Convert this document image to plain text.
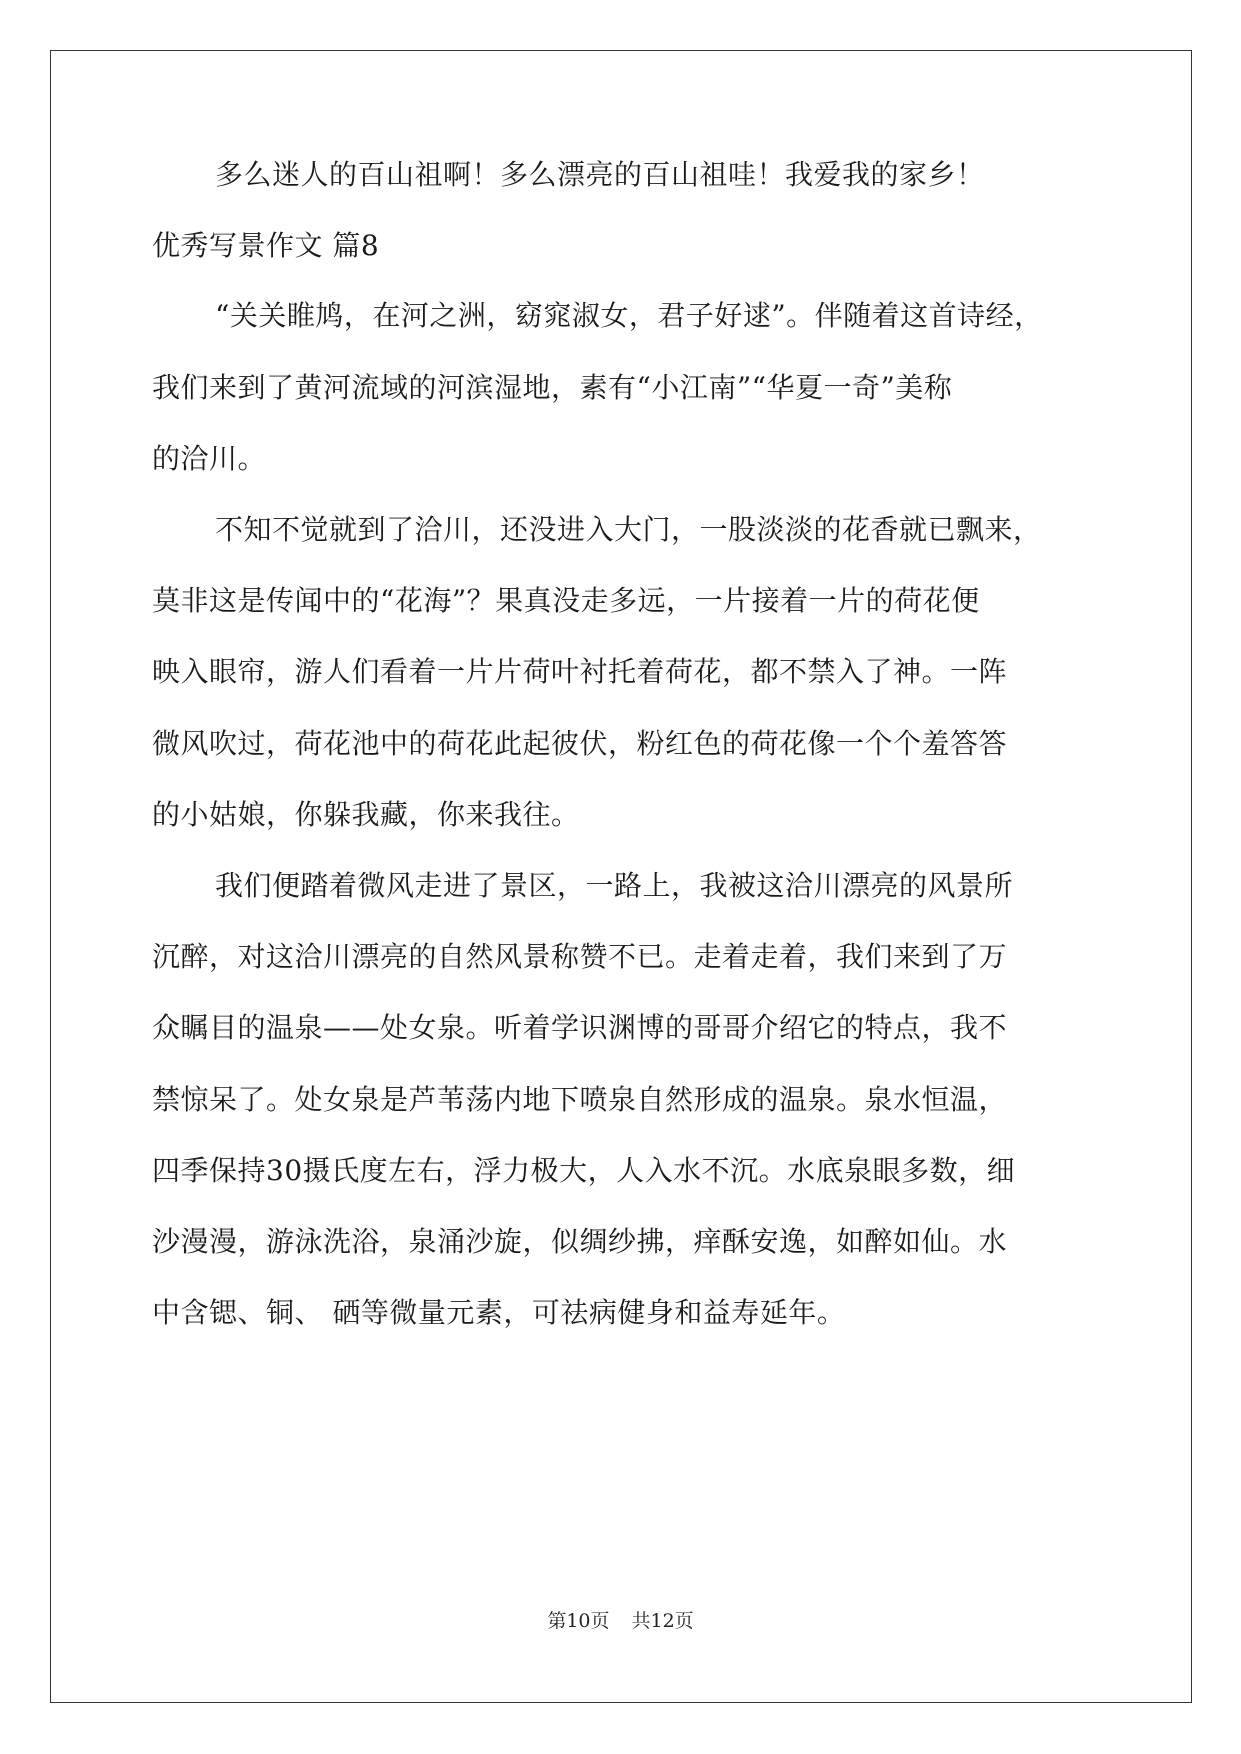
多么迷人的百山祖啊！多么漂亮的百山祖哇！我爱我的家乡！
优秀写景作文 篇8
“关关睢鸠，在河之洲，窈窕淑女，君子好逑”。伴随着这首诗经，
我们来到了黄河流域的河滨湿地，素有“小江南”“华夏一奇”美称
的洽川。
不知不觉就到了洽川，还没进入大门，一股淡淡的花香就已飘来，
莫非这是传闻中的“花海”？果真没走多远，一片接着一片的荷花便
映入眼帘，游人们看着一片片荷叶衬托着荷花，都不禁入了神。一阵
微风吹过，荷花池中的荷花此起彼伏，粉红色的荷花像一个个羞答答
的小姑娘，你躲我藏，你来我往。
我们便踏着微风走进了景区，一路上，我被这洽川漂亮的风景所
沉醉，对这洽川漂亮的自然风景称赞不已。走着走着，我们来到了万
众瞩目的温泉——处女泉。听着学识渊博的哥哥介绍它的特点，我不
禁惊呆了。处女泉是芦苇荡内地下喷泉自然形成的温泉。泉水恒温，
四季保持30摄氏度左右，浮力极大，人入水不沉。水底泉眼多数，细
沙漫漫，游泳洗浴，泉涌沙旋，似绸纱拂，痒酥安逸，如醉如仙。水
中含锶、铜、 硒等微量元素，可祛病健身和益寿延年。
第10页 共12页
